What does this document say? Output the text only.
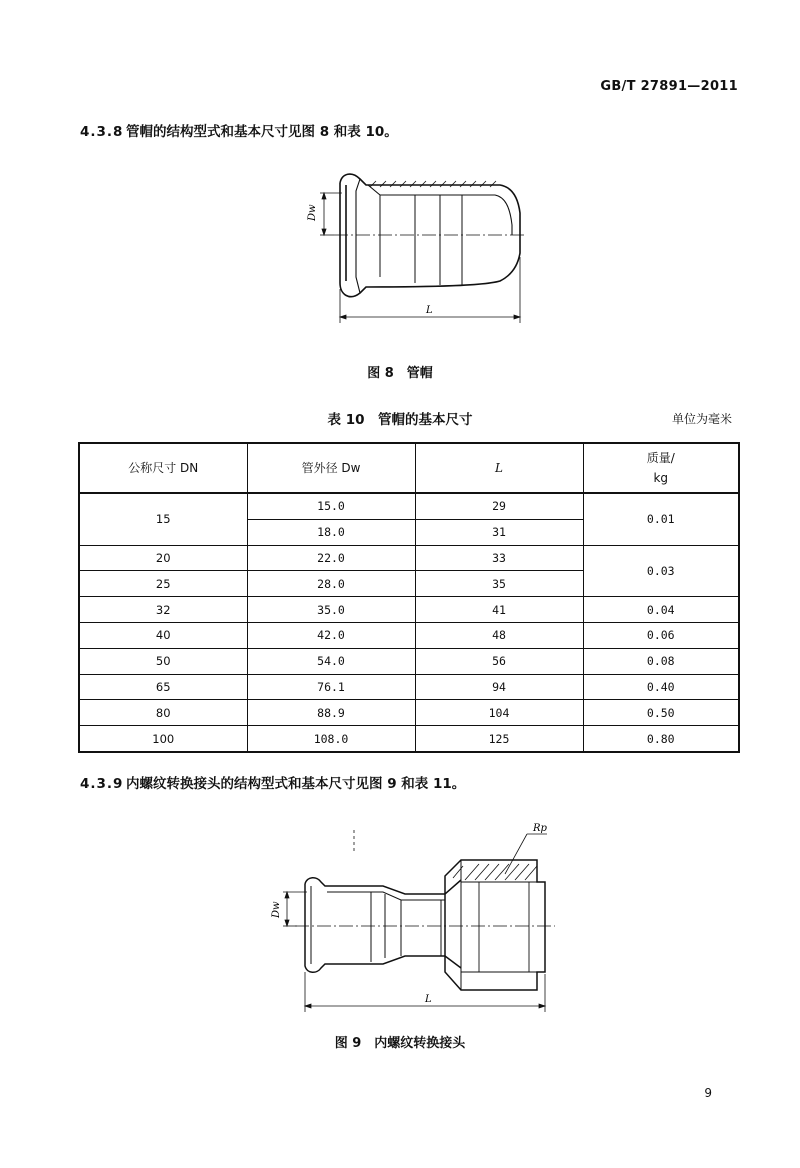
GB/T 27891—2011
4.3.8 管帽的结构型式和基本尺寸见图 8 和表 10。
Dw
L
图 8　管帽
表 10　管帽的基本尺寸	单位为毫米
公称尺寸 DN	管外径 Dw	L	质量/
kg

15	15.0	29	0.01
	18.0	31	
20	22.0	33	0.03
25	28.0	35	
32	35.0	41	0.04
40	42.0	48	0.06
50	54.0	56	0.08
65	76.1	94	0.40
80	88.9	104	0.50
100	108.0	125	0.80
4.3.9 内螺纹转换接头的结构型式和基本尺寸见图 9 和表 11。
Rp
Dw
L
图 9　内螺纹转换接头
9
